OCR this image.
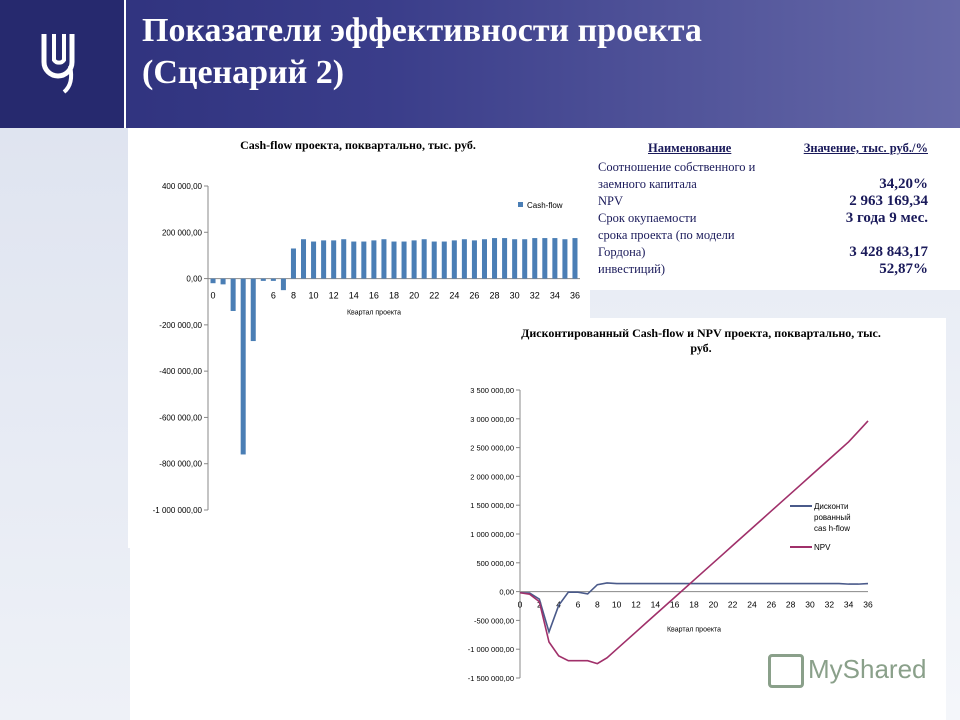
Показатели эффективности проекта
(Сценарий 2)
Cash-flow проекта, поквартально, тыс. руб.
400 000,00
200 000,00
0,00
-200 000,00
-400 000,00
-600 000,00
-800 000,00
-1 000 000,00
0	6 8 10 12 14 16 18 20 22 24 26 28 30 32 34 36
Квартал проекта
Cash-flow
Наименование	Значение, тыс. руб./%
Соотношение собственного и
заемного капитала	34,20%
NPV	2 963 169,34
Срок окупаемости	3 года 9 мес.
срока проекта (по модели
Гордона)	3 428 843,17
инвестиций)	52,87%
Дисконтированный Cash-flow и NPV проекта, поквартально, тыс.
руб.
3 500 000,00
3 000 000,00
2 500 000,00
2 000 000,00
1 500 000,00
1 000 000,00
500 000,00
0,00
-500 000,00
-1 000 000,00
-1 500 000,00
0 2 4 6 8 10 12 14 16 18 20 22 24 26 28 30 32 34 36
Квартал проекта
Дисконти
рованный
cas h-flow
NPV
MyShared
